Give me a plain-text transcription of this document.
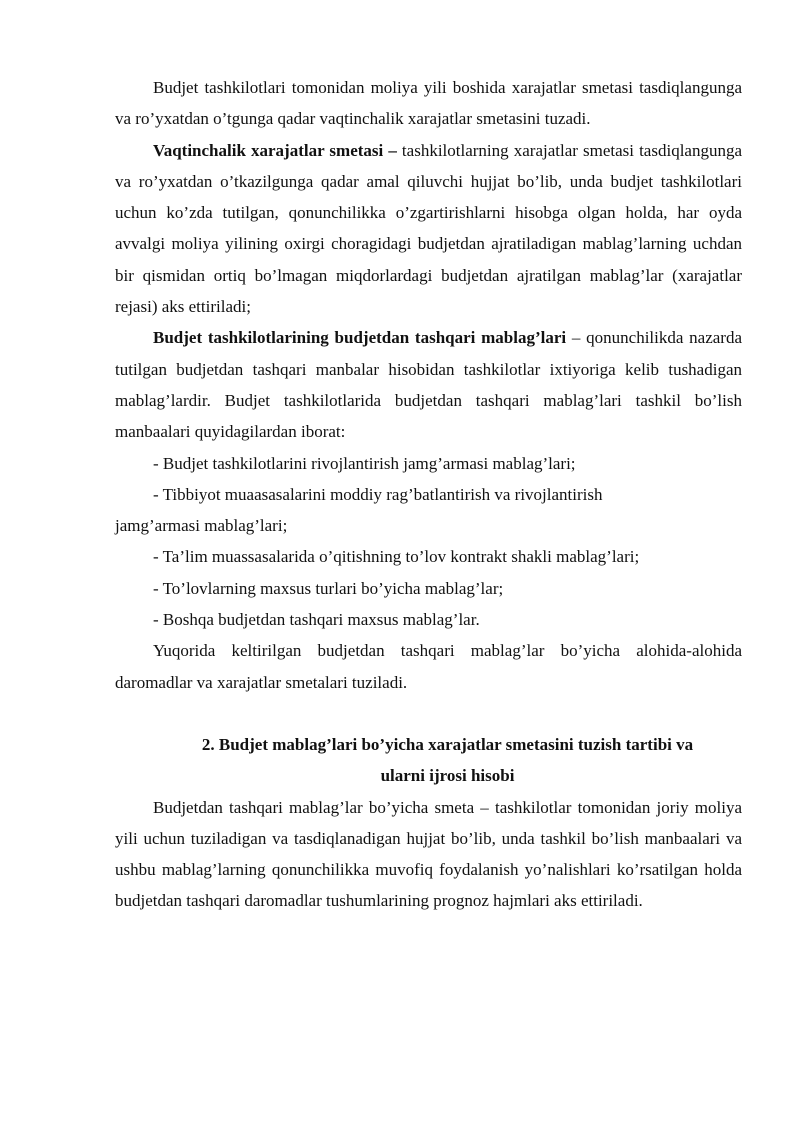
Budjet tashkilotlari tomonidan moliya yili boshida xarajatlar smetasi tasdiqlangunga va ro’yxatdan o’tgunga qadar vaqtinchalik xarajatlar smetasini tuzadi.

Vaqtinchalik xarajatlar smetasi – tashkilotlarning xarajatlar smetasi tasdiqlangunga va ro’yxatdan o’tkazilgunga qadar amal qiluvchi hujjat bo’lib, unda budjet tashkilotlari uchun ko’zda tutilgan, qonunchilikka o’zgartirishlarni hisobga olgan holda, har oyda avvalgi moliya yilining oxirgi choragidagi budjetdan ajratiladigan mablag’larning uchdan bir qismidan ortiq bo’lmagan miqdorlardagi budjetdan ajratilgan mablag’lar (xarajatlar rejasi) aks ettiriladi;

Budjet tashkilotlarining budjetdan tashqari mablag’lari – qonunchilikda nazarda tutilgan budjetdan tashqari manbalar hisobidan tashkilotlar ixtiyoriga kelib tushadigan mablag’lardir. Budjet tashkilotlarida budjetdan tashqari mablag’lari tashkil bo’lish manbaalari quyidagilardan iborat:

- Budjet tashkilotlarini rivojlantirish jamg’armasi mablag’lari;

- Tibbiyot muaasasalarini moddiy rag’batlantirish va rivojlantirish

jamg’armasi mablag’lari;

- Ta’lim muassasalarida o’qitishning to’lov kontrakt shakli mablag’lari;

- To’lovlarning maxsus turlari bo’yicha mablag’lar;

- Boshqa budjetdan tashqari maxsus mablag’lar.

Yuqorida keltirilgan budjetdan tashqari mablag’lar bo’yicha alohida-alohida daromadlar va xarajatlar smetalari tuziladi.

2. Budjet mablag’lari bo’yicha xarajatlar smetasini tuzish tartibi va

ularni ijrosi hisobi

Budjetdan tashqari mablag’lar bo’yicha smeta – tashkilotlar tomonidan joriy moliya yili uchun tuziladigan va tasdiqlanadigan hujjat bo’lib, unda tashkil bo’lish manbaalari va ushbu mablag’larning qonunchilikka muvofiq foydalanish yo’nalishlari ko’rsatilgan holda budjetdan tashqari daromadlar tushumlarining prognoz hajmlari aks ettiriladi.
